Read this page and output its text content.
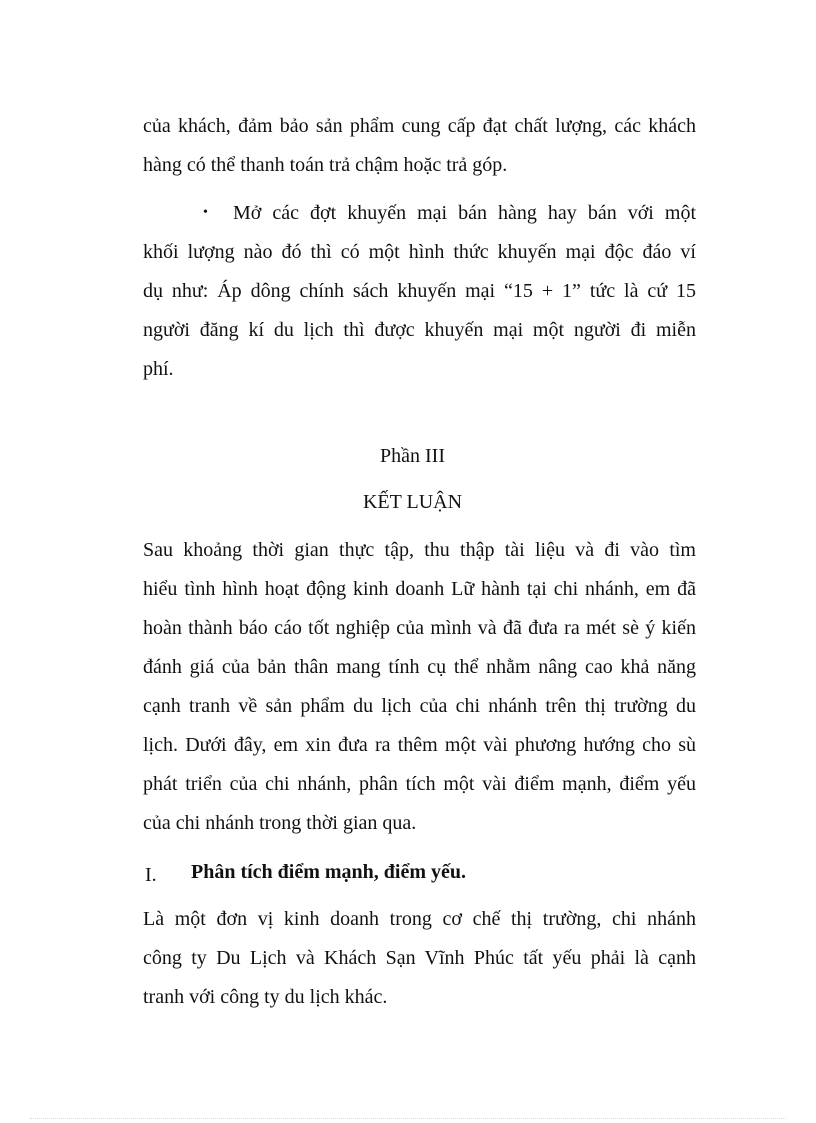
của khách, đảm bảo sản phẩm cung cấp đạt chất lượng, các khách
hàng có thể thanh toán trả chậm hoặc trả góp.
• Mở các đợt khuyến mại bán hàng hay bán với một
khối lượng nào đó thì có một hình thức khuyến mại độc đáo ví
dụ như: Áp dông chính sách khuyến mại “15 + 1” tức là cứ 15
người đăng kí du lịch thì được khuyến mại một người đi miễn
phí.
Phần III
KẾT LUẬN
Sau khoảng thời gian thực tập, thu thập tài liệu và đi vào tìm
hiểu tình hình hoạt động kinh doanh Lữ hành tại chi nhánh, em đã
hoàn thành báo cáo tốt nghiệp của mình và đã đưa ra mét sè ý kiến
đánh giá của bản thân mang tính cụ thể nhằm nâng cao khả năng
cạnh tranh về sản phẩm du lịch của chi nhánh trên thị trường du
lịch. Dưới đây, em xin đưa ra thêm một vài phương hướng cho sù
phát triển của chi nhánh, phân tích một vài điểm mạnh, điểm yếu
của chi nhánh trong thời gian qua.
I. Phân tích điểm mạnh, điểm yếu.
Là một đơn vị kinh doanh trong cơ chế thị trường, chi nhánh
công ty Du Lịch và Khách Sạn Vĩnh Phúc tất yếu phải là cạnh
tranh với công ty du lịch khác.
